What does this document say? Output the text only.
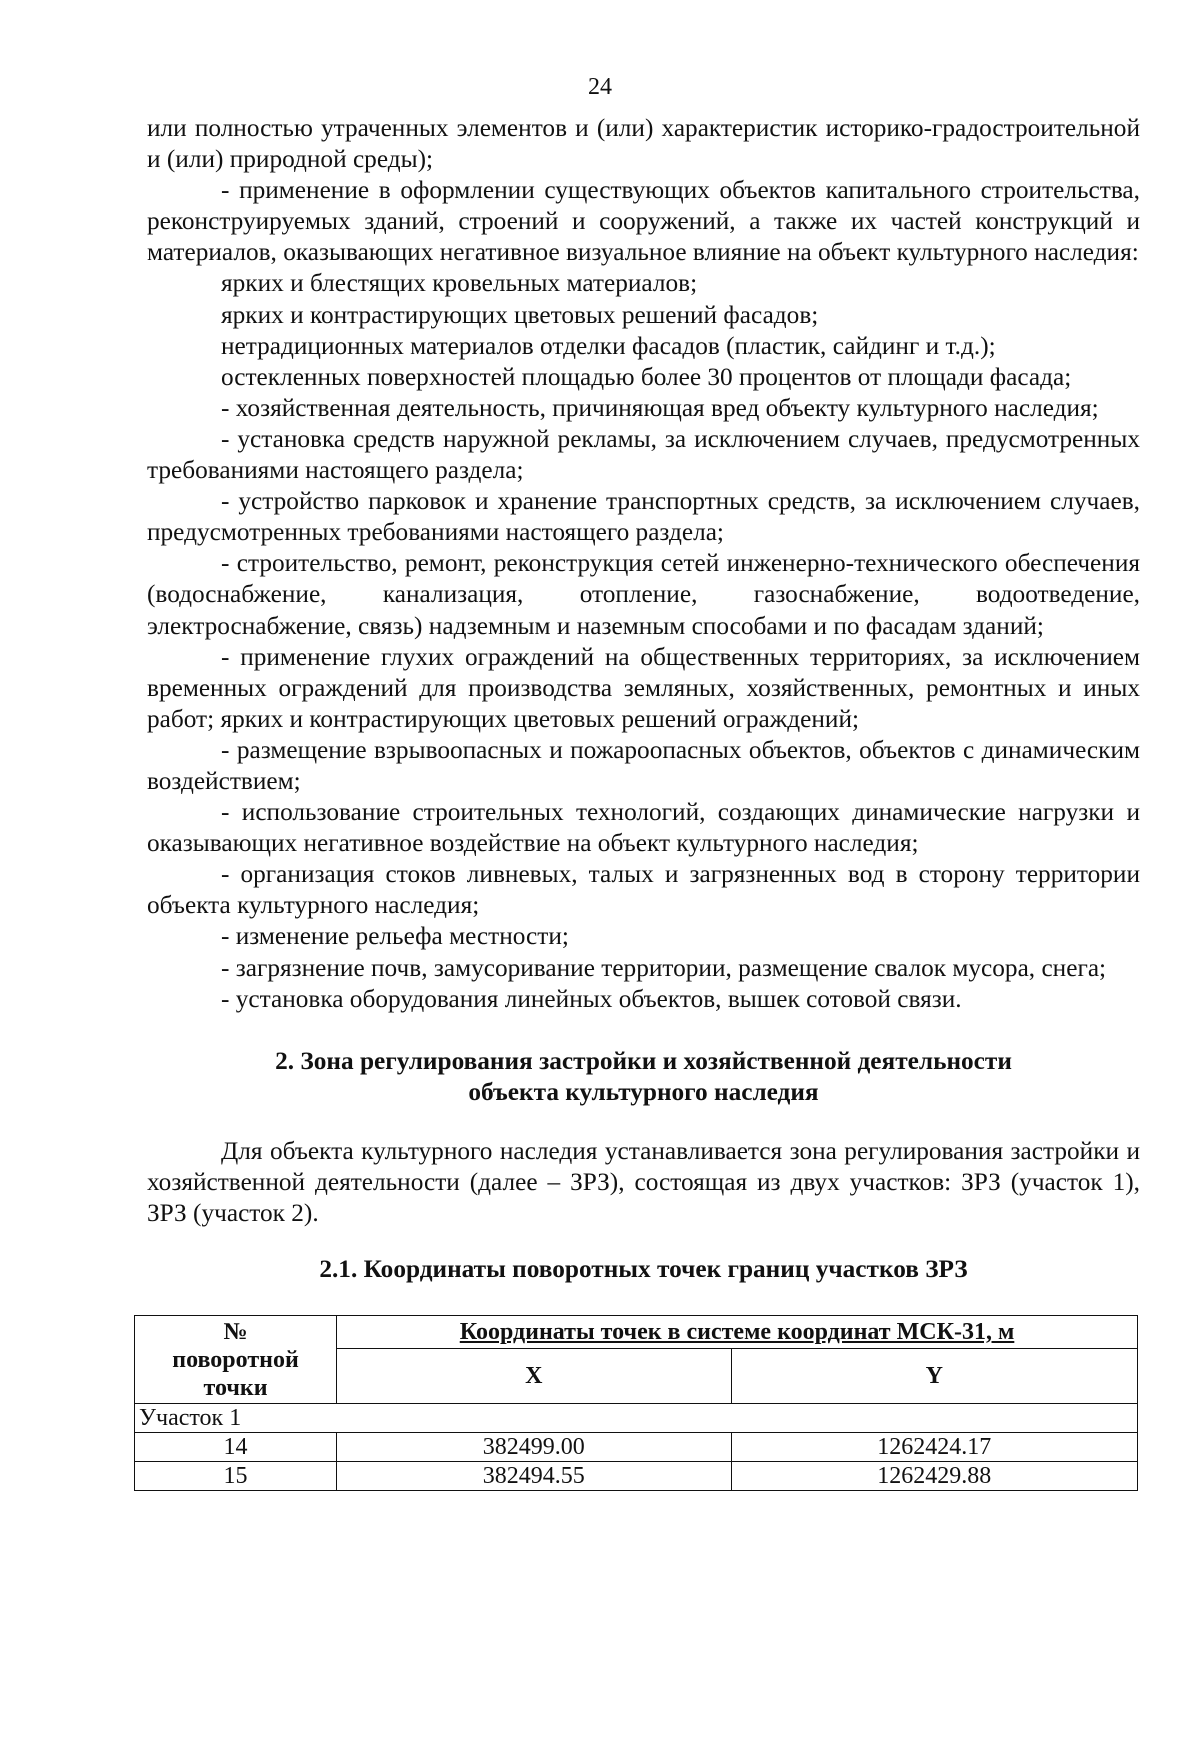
24

или полностью утраченных элементов и (или) характеристик историко-градостроительной и (или) природной среды);

- применение в оформлении существующих объектов капитального строительства, реконструируемых зданий, строений и сооружений, а также их частей конструкций и материалов, оказывающих негативное визуальное влияние на объект культурного наследия:

ярких и блестящих кровельных материалов;

ярких и контрастирующих цветовых решений фасадов;

нетрадиционных материалов отделки фасадов (пластик, сайдинг и т.д.);

остекленных поверхностей площадью более 30 процентов от площади фасада;

- хозяйственная деятельность, причиняющая вред объекту культурного наследия;

- установка средств наружной рекламы, за исключением случаев, предусмотренных требованиями настоящего раздела;

- устройство парковок и хранение транспортных средств, за исключением случаев, предусмотренных требованиями настоящего раздела;

- строительство, ремонт, реконструкция сетей инженерно-технического обеспечения (водоснабжение, канализация, отопление, газоснабжение, водоотведение, электроснабжение, связь) надземным и наземным способами и по фасадам зданий;

- применение глухих ограждений на общественных территориях, за исключением временных ограждений для производства земляных, хозяйственных, ремонтных и иных работ; ярких и контрастирующих цветовых решений ограждений;

- размещение взрывоопасных и пожароопасных объектов, объектов с динамическим воздействием;

- использование строительных технологий, создающих динамические нагрузки и оказывающих негативное воздействие на объект культурного наследия;

- организация стоков ливневых, талых и загрязненных вод в сторону территории объекта культурного наследия;

- изменение рельефа местности;

- загрязнение почв, замусоривание территории, размещение свалок мусора, снега;

- установка оборудования линейных объектов, вышек сотовой связи.

2. Зона регулирования застройки и хозяйственной деятельности

объекта культурного наследия

Для объекта культурного наследия устанавливается зона регулирования застройки и хозяйственной деятельности (далее – ЗРЗ), состоящая из двух участков: ЗРЗ (участок 1), ЗРЗ (участок 2).

2.1. Координаты поворотных точек границ участков ЗРЗ

№
поворотной
точки	Координаты точек в системе координат МСК-31, м	
	X	Y
Участок 1		
14	382499.00	1262424.17
15	382494.55	1262429.88
